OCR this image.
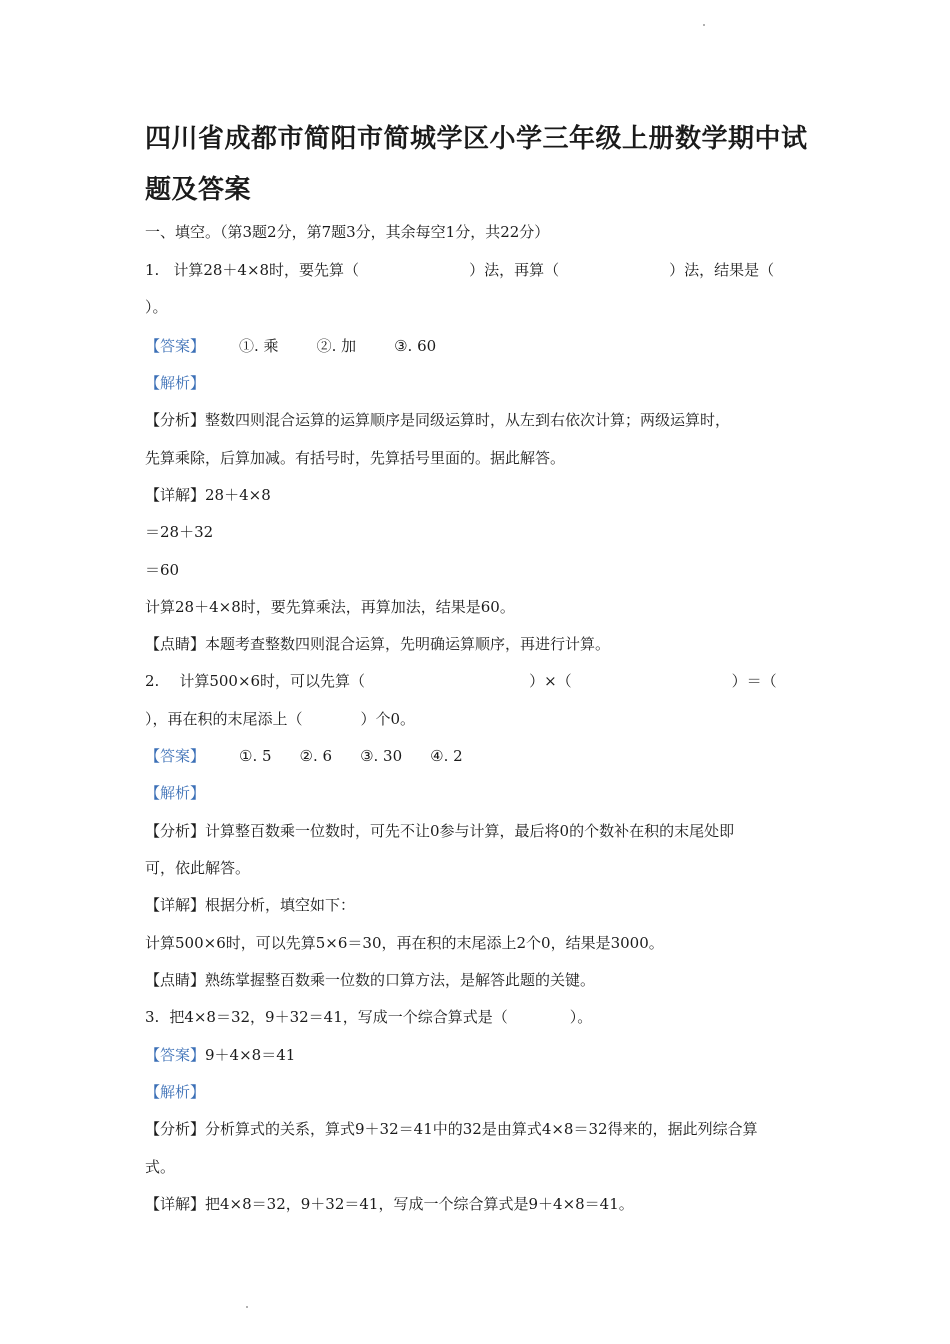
四川省成都市简阳市简城学区小学三年级上册数学期中试
题及答案
一、填空。（第3题2分，第7题3分，其余每空1分，共22分）
1. 计算28＋4×8时，要先算（	）法，再算（	）法，结果是（
）。
【答案】 ①. 乘	②. 加	③. 60
【解析】
【分析】整数四则混合运算的运算顺序是同级运算时，从左到右依次计算；两级运算时，
先算乘除，后算加减。有括号时，先算括号里面的。据此解答。
【详解】28＋4×8
＝28＋32
＝60
计算28＋4×8时，要先算乘法，再算加法，结果是60。
【点睛】本题考查整数四则混合运算，先明确运算顺序，再进行计算。
2. 计算500×6时，可以先算（	）×（	）＝（
），再在积的末尾添上（	）个0。
【答案】 ①. 5 ②. 6 ③. 30 ④. 2
【解析】
【分析】计算整百数乘一位数时，可先不让0参与计算，最后将0的个数补在积的末尾处即
可，依此解答。
【详解】根据分析，填空如下：
计算500×6时，可以先算5×6＝30，再在积的末尾添上2个0，结果是3000。
【点睛】熟练掌握整百数乘一位数的口算方法，是解答此题的关键。
3. 把4×8＝32，9＋32＝41，写成一个综合算式是（	）。
【答案】9＋4×8＝41
【解析】
【分析】分析算式的关系，算式9＋32＝41中的32是由算式4×8＝32得来的，据此列综合算
式。
【详解】把4×8＝32，9＋32＝41，写成一个综合算式是9＋4×8＝41。
